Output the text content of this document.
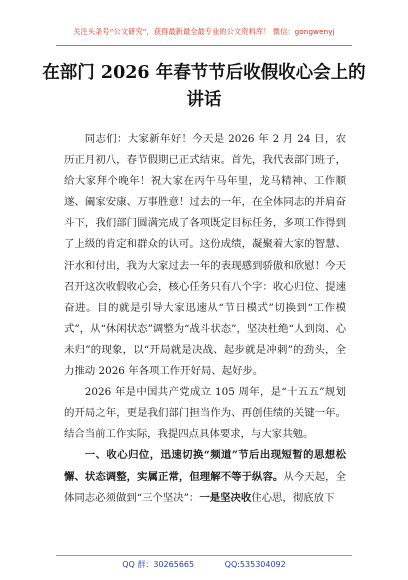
关注头条号“公文研究”，获得最新最全最专业的公文资料库！ 微信：gongwenyj
在部门 2026 年春节节后收假收心会上的
讲话

同志们：大家新年好！今天是 2026 年 2 月 24 日，农历正月初八，春节假期已正式结束。首先，我代表部门班子，给大家拜个晚年！祝大家在丙午马年里，龙马精神、工作顺遂、阖家安康、万事胜意！过去的一年，在全体同志的并肩奋斗下，我们部门圆满完成了各项既定目标任务，多项工作得到了上级的肯定和群众的认可。这份成绩，凝聚着大家的智慧、汗水和付出，我为大家过去一年的表现感到骄傲和欣慰！今天召开这次收假收心会，核心任务只有八个字：收心归位、提速奋进。目的就是引导大家迅速从“节日模式”切换到“工作模式”，从“休闲状态”调整为“战斗状态”，坚决杜绝“人到岗、心未归”的现象，以“开局就是决战、起步就是冲刺”的劲头，全力推动 2026 年各项工作开好局、起好步。

2026 年是中国共产党成立 105 周年，是“十五五”规划的开局之年，更是我们部门担当作为、再创佳绩的关键一年。结合当前工作实际，我提四点具体要求，与大家共勉。

一、收心归位，迅速切换“频道”节后出现短暂的思想松懈、状态调整，实属正常，但理解不等于纵容。从今天起，全体同志必须做到“三个坚决”：一是坚决收住心思，彻底放下

QQ 群：30265665	QQ:535304092
